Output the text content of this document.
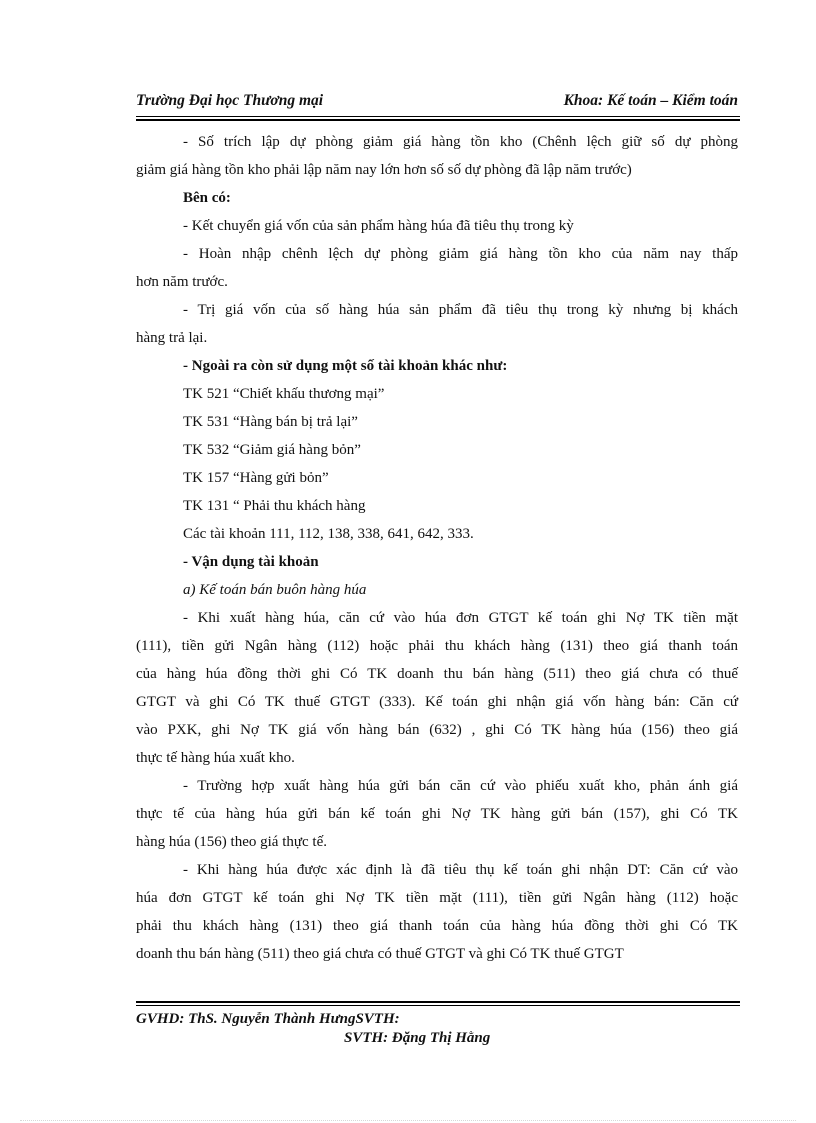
Trường Đại học Thương mại	Khoa: Kế toán – Kiểm toán
- Số trích lập dự phòng giảm giá hàng tồn kho (Chênh lệch giữ số dự phòng
giảm giá hàng tồn kho phải lập năm nay lớn hơn số số dự phòng đã lập năm trước)
Bên có:
- Kết chuyển giá vốn của sản phẩm hàng húa đã tiêu thụ trong kỳ
- Hoàn nhập chênh lệch dự phòng giảm giá hàng tồn kho của năm nay thấp
hơn năm trước.
- Trị giá vốn của số hàng húa sản phẩm đã tiêu thụ trong kỳ nhưng bị khách
hàng trả lại.
- Ngoài ra còn sử dụng một số tài khoản khác như:
TK 521 “Chiết khấu thương mại”
TK 531 “Hàng bán bị trả lại”
TK 532 “Giảm giá hàng bỏn”
TK 157 “Hàng gửi bỏn”
TK 131 “ Phải thu khách hàng
Các tài khoản 111, 112, 138, 338, 641, 642, 333.
- Vận dụng tài khoản
a) Kế toán bán buôn hàng húa
- Khi xuất hàng húa, căn cứ vào húa đơn GTGT kế toán ghi Nợ TK tiền mặt
(111), tiền gửi Ngân hàng (112) hoặc phải thu khách hàng (131) theo giá thanh toán
của hàng húa đồng thời ghi Có TK doanh thu bán hàng (511) theo giá chưa có thuế
GTGT và ghi Có TK thuế GTGT (333). Kế toán ghi nhận giá vốn hàng bán: Căn cứ
vào PXK, ghi Nợ TK giá vốn hàng bán (632) , ghi Có TK hàng húa (156) theo giá
thực tế hàng húa xuất kho.
- Trường hợp xuất hàng húa gửi bán căn cứ vào phiếu xuất kho, phản ánh giá
thực tế của hàng húa gửi bán kế toán ghi Nợ TK hàng gửi bán (157), ghi Có TK
hàng húa (156) theo giá thực tế.
- Khi hàng húa được xác định là đã tiêu thụ kế toán ghi nhận DT: Căn cứ vào
húa đơn GTGT kế toán ghi Nợ TK tiền mặt (111), tiền gửi Ngân hàng (112) hoặc
phải thu khách hàng (131) theo giá thanh toán của hàng húa đồng thời ghi Có TK
doanh thu bán hàng (511) theo giá chưa có thuế GTGT và ghi Có TK thuế GTGT
GVHD: ThS. Nguyễn Thành HưngSVTH:
SVTH: Đặng Thị Hằng
